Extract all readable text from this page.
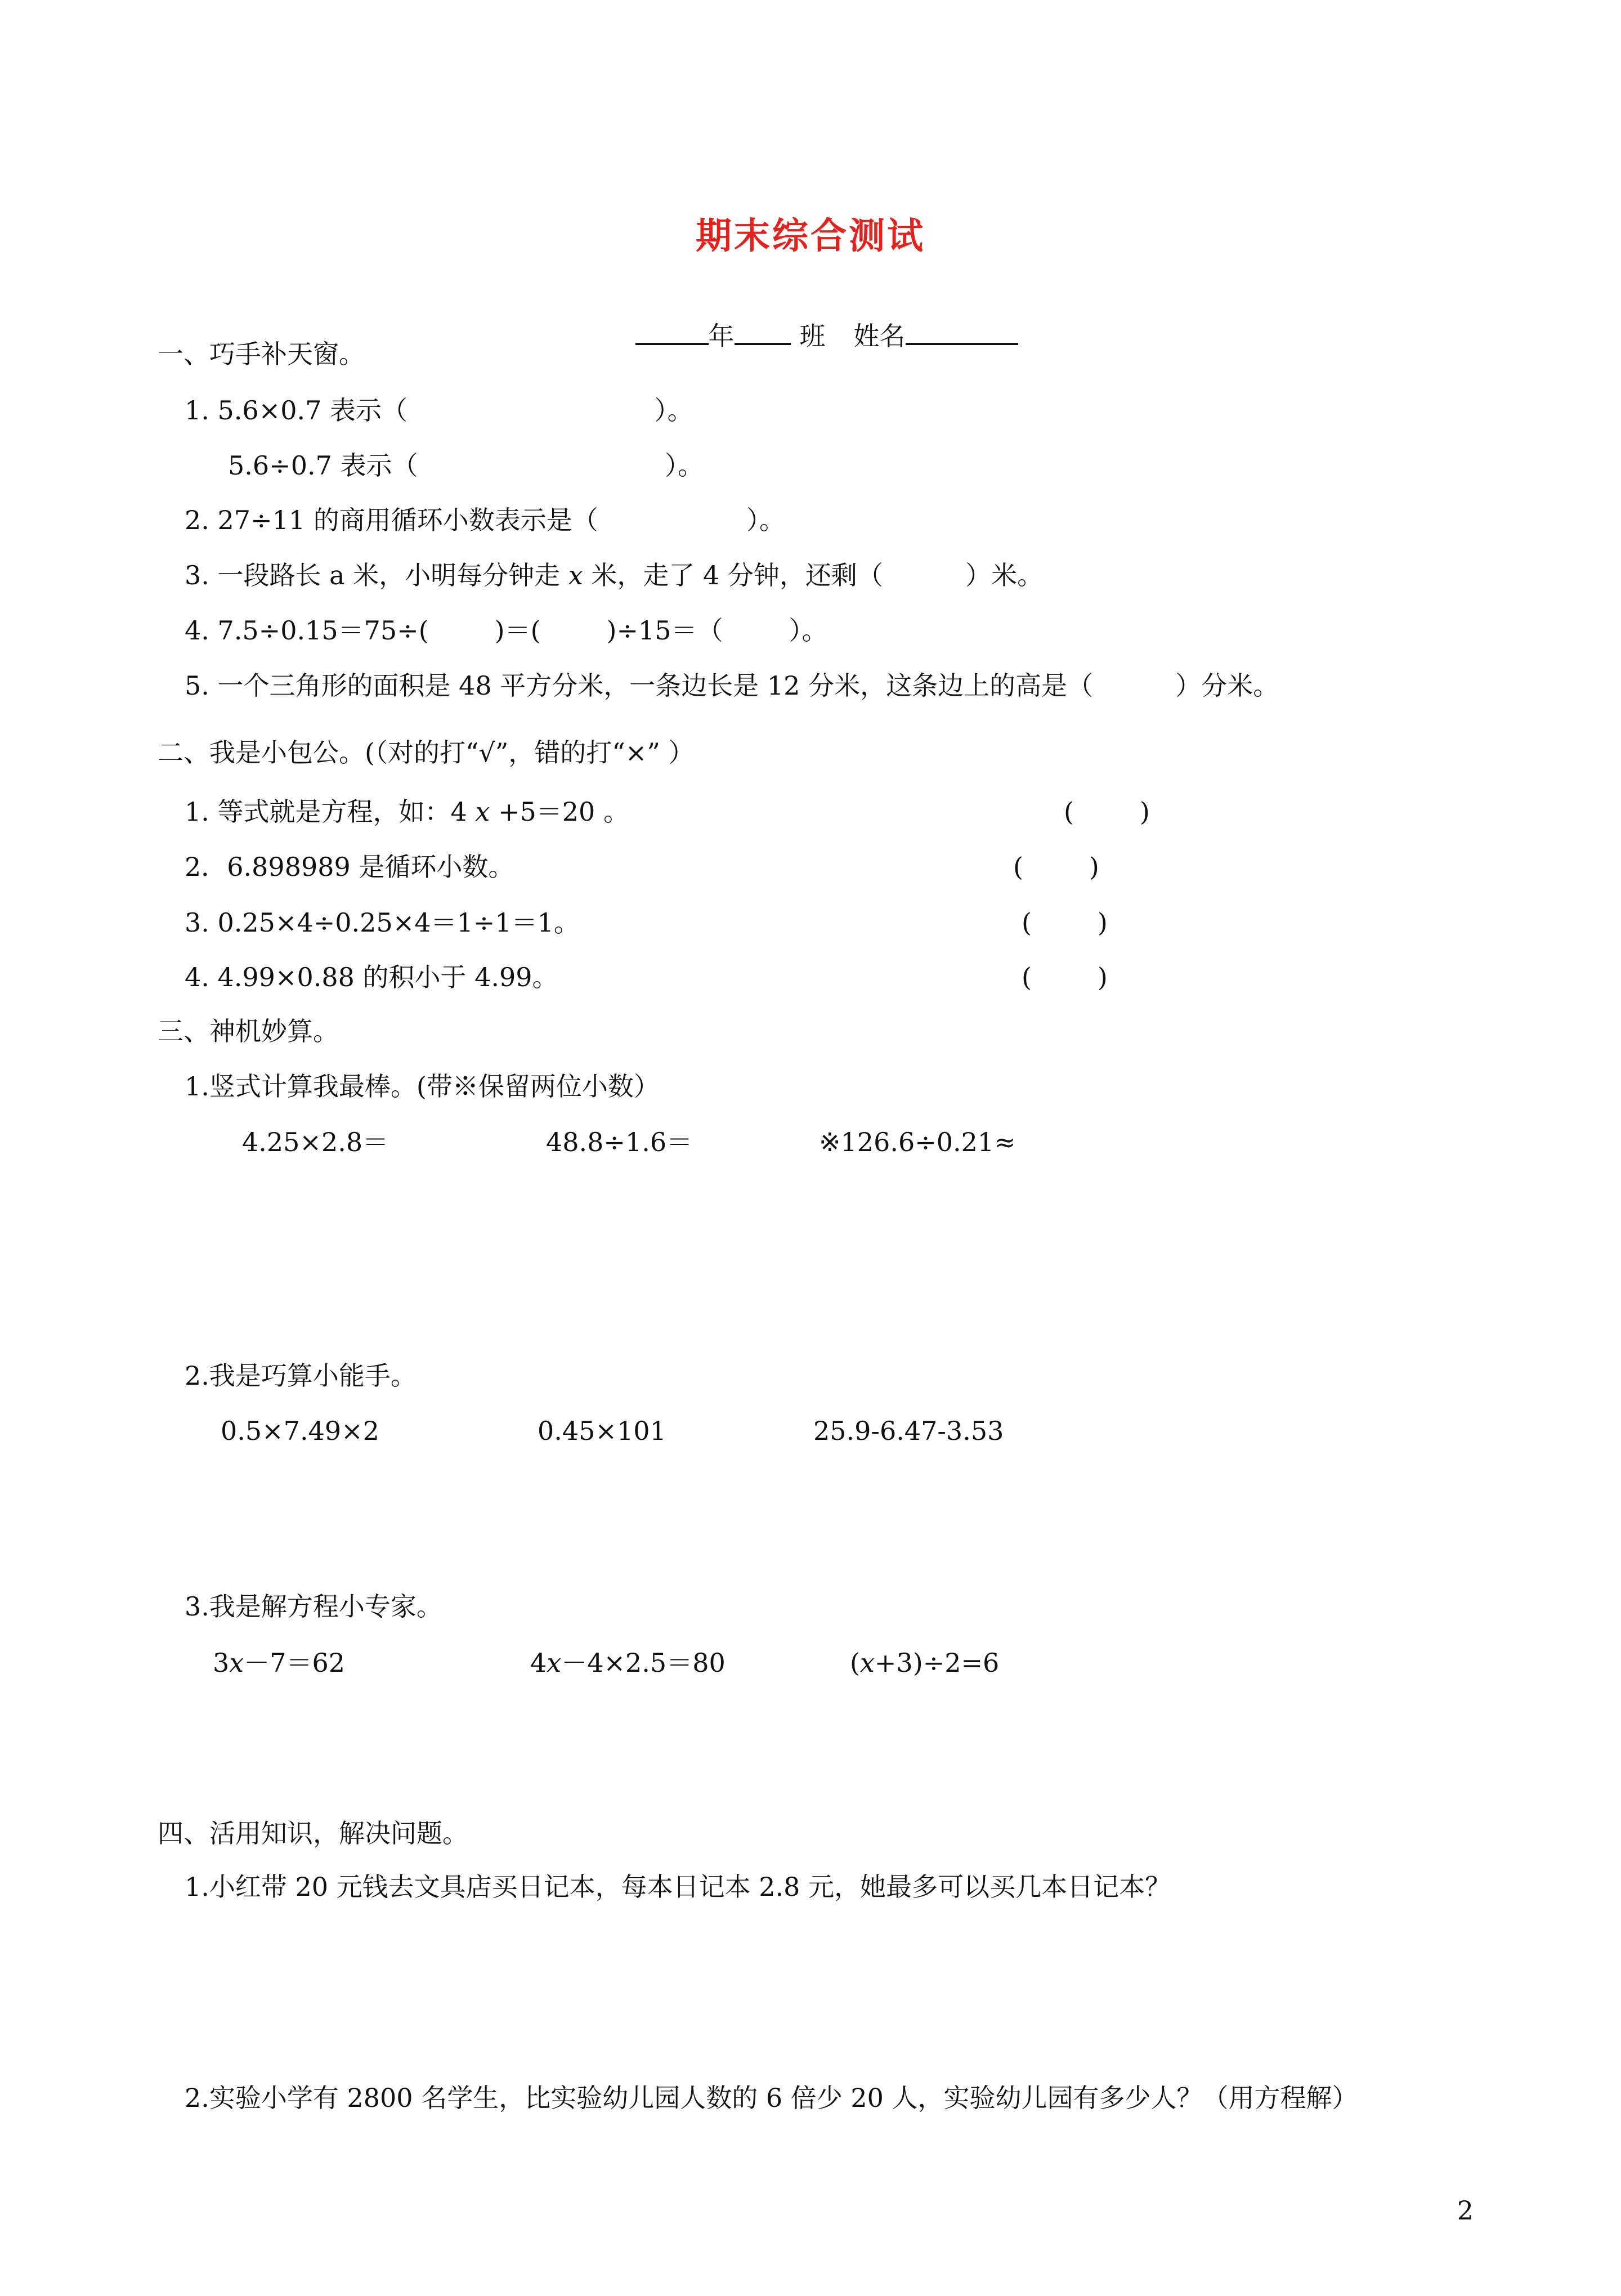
期末综合测试

年	班 姓名

一、巧手补天窗。
1. 5.6×0.7 表示（                              ）。
5.6÷0.7 表示（                              ）。
2. 27÷11 的商用循环小数表示是（                  ）。
3. 一段路长 a 米，小明每分钟走 x 米，走了 4 分钟，还剩（          ）米。
4. 7.5÷0.15＝75÷(        )＝(        )÷15＝（        ）。
5. 一个三角形的面积是 48 平方分米，一条边长是 12 分米，这条边上的高是（          ）分米。
二、我是小包公。(（对的打“√”，错的打“×” ）
1. 等式就是方程，如：4 x +5＝20 。	(        )
2．6.898989 是循环小数。	(        )
3. 0.25×4÷0.25×4＝1÷1＝1。	(        )
4. 4.99×0.88 的积小于 4.99。	(        )
三、神机妙算。
1.竖式计算我最棒。(带※保留两位小数）
4.25×2.8＝	48.8÷1.6＝	※126.6÷0.21≈
2.我是巧算小能手。
0.5×7.49×2	0.45×101	25.9-6.47-3.53
3.我是解方程小专家。
3x－7＝62	4x－4×2.5＝80	(x+3)÷2=6
四、活用知识，解决问题。
1.小红带 20 元钱去文具店买日记本，每本日记本 2.8 元，她最多可以买几本日记本？
2.实验小学有 2800 名学生，比实验幼儿园人数的 6 倍少 20 人，实验幼儿园有多少人？（用方程解）
2
